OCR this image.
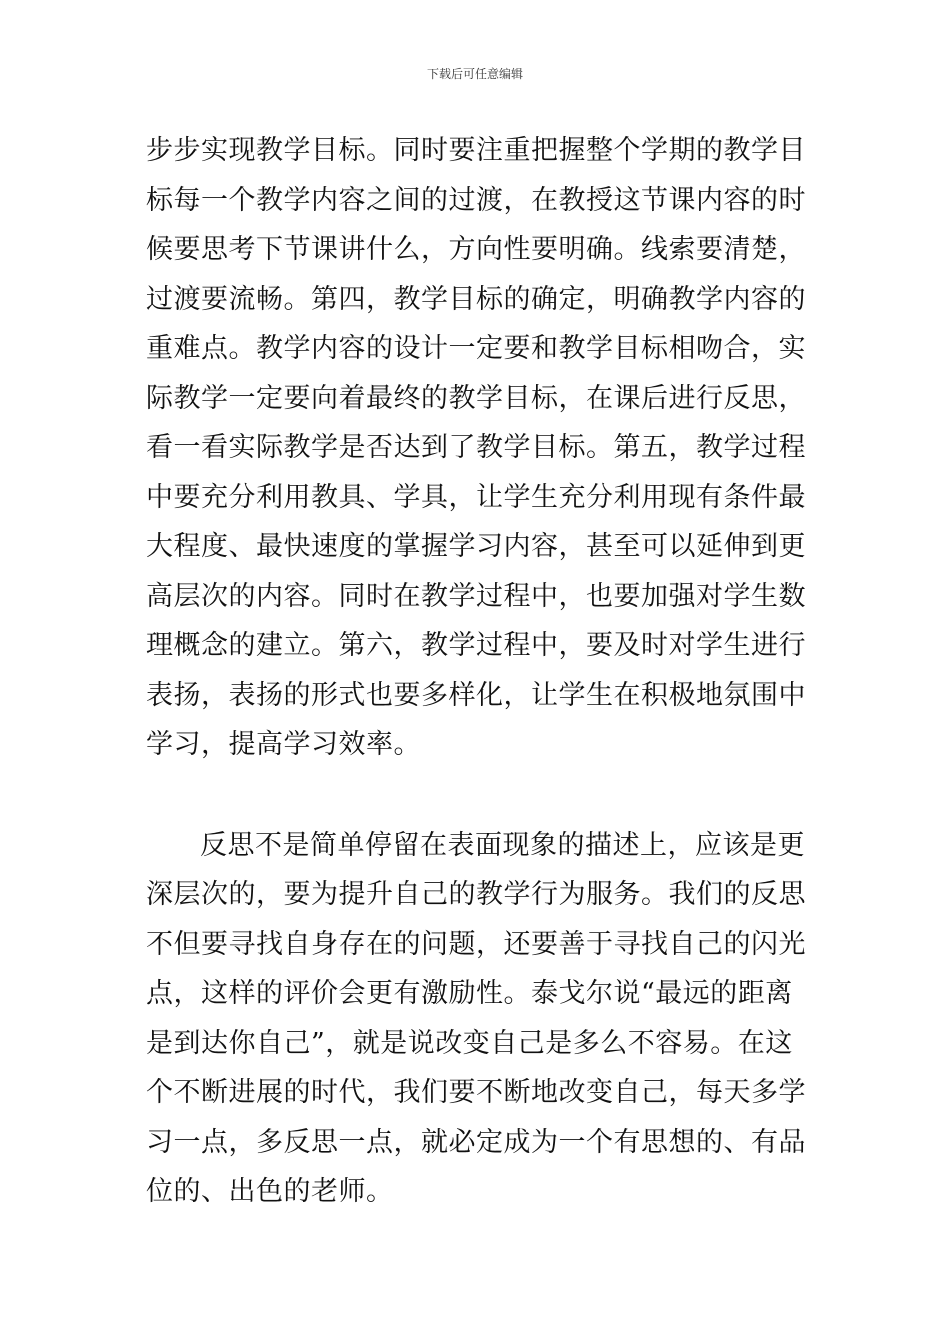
下载后可任意编辑

步步实现教学目标。同时要注重把握整个学期的教学目标每一个教学内容之间的过渡，在教授这节课内容的时候要思考下节课讲什么，方向性要明确。线索要清楚，过渡要流畅。第四，教学目标的确定，明确教学内容的重难点。教学内容的设计一定要和教学目标相吻合，实际教学一定要向着最终的教学目标，在课后进行反思，看一看实际教学是否达到了教学目标。第五，教学过程中要充分利用教具、学具，让学生充分利用现有条件最大程度、最快速度的掌握学习内容，甚至可以延伸到更高层次的内容。同时在教学过程中，也要加强对学生数理概念的建立。第六，教学过程中，要及时对学生进行表扬，表扬的形式也要多样化，让学生在积极地氛围中学习，提高学习效率。

反思不是简单停留在表面现象的描述上，应该是更深层次的，要为提升自己的教学行为服务。我们的反思不但要寻找自身存在的问题，还要善于寻找自己的闪光点，这样的评价会更有激励性。泰戈尔说“最远的距离是到达你自己”，就是说改变自己是多么不容易。在这个不断进展的时代，我们要不断地改变自己，每天多学习一点，多反思一点，就必定成为一个有思想的、有品位的、出色的老师。
